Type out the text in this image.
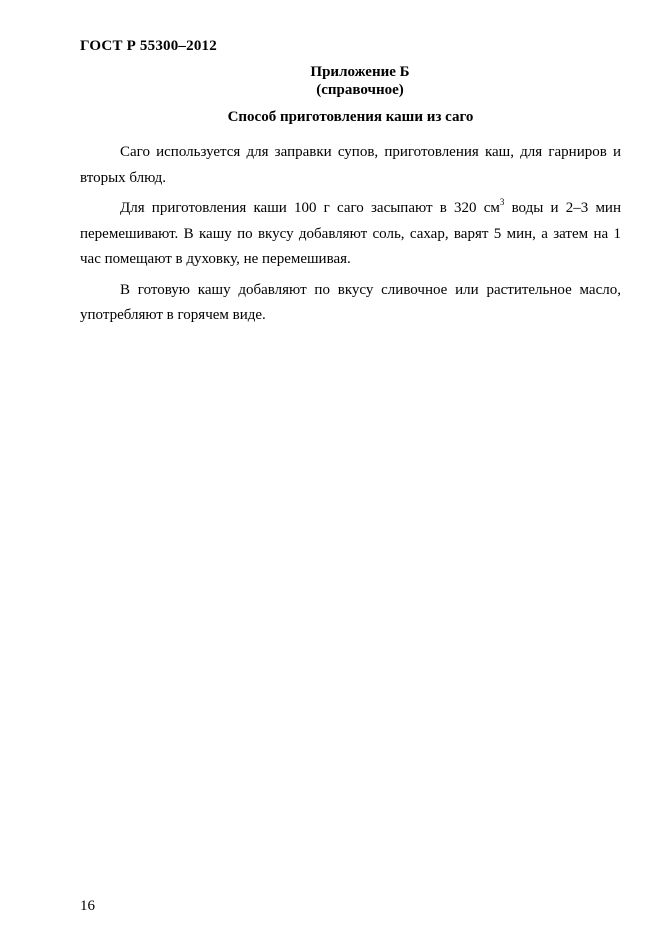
ГОСТ Р 55300–2012
Приложение Б
(справочное)
Способ приготовления каши из саго

Саго используется для заправки супов, приготовления каш, для гарниров и вторых блюд.

Для приготовления каши 100 г саго засыпают в 320 $см^3$ воды и 2–3 мин перемешивают. В кашу по вкусу добавляют соль, сахар, варят 5 мин, а затем на 1 час помещают в духовку, не перемешивая.

В готовую кашу добавляют по вкусу сливочное или растительное масло, употребляют в горячем виде.

16
